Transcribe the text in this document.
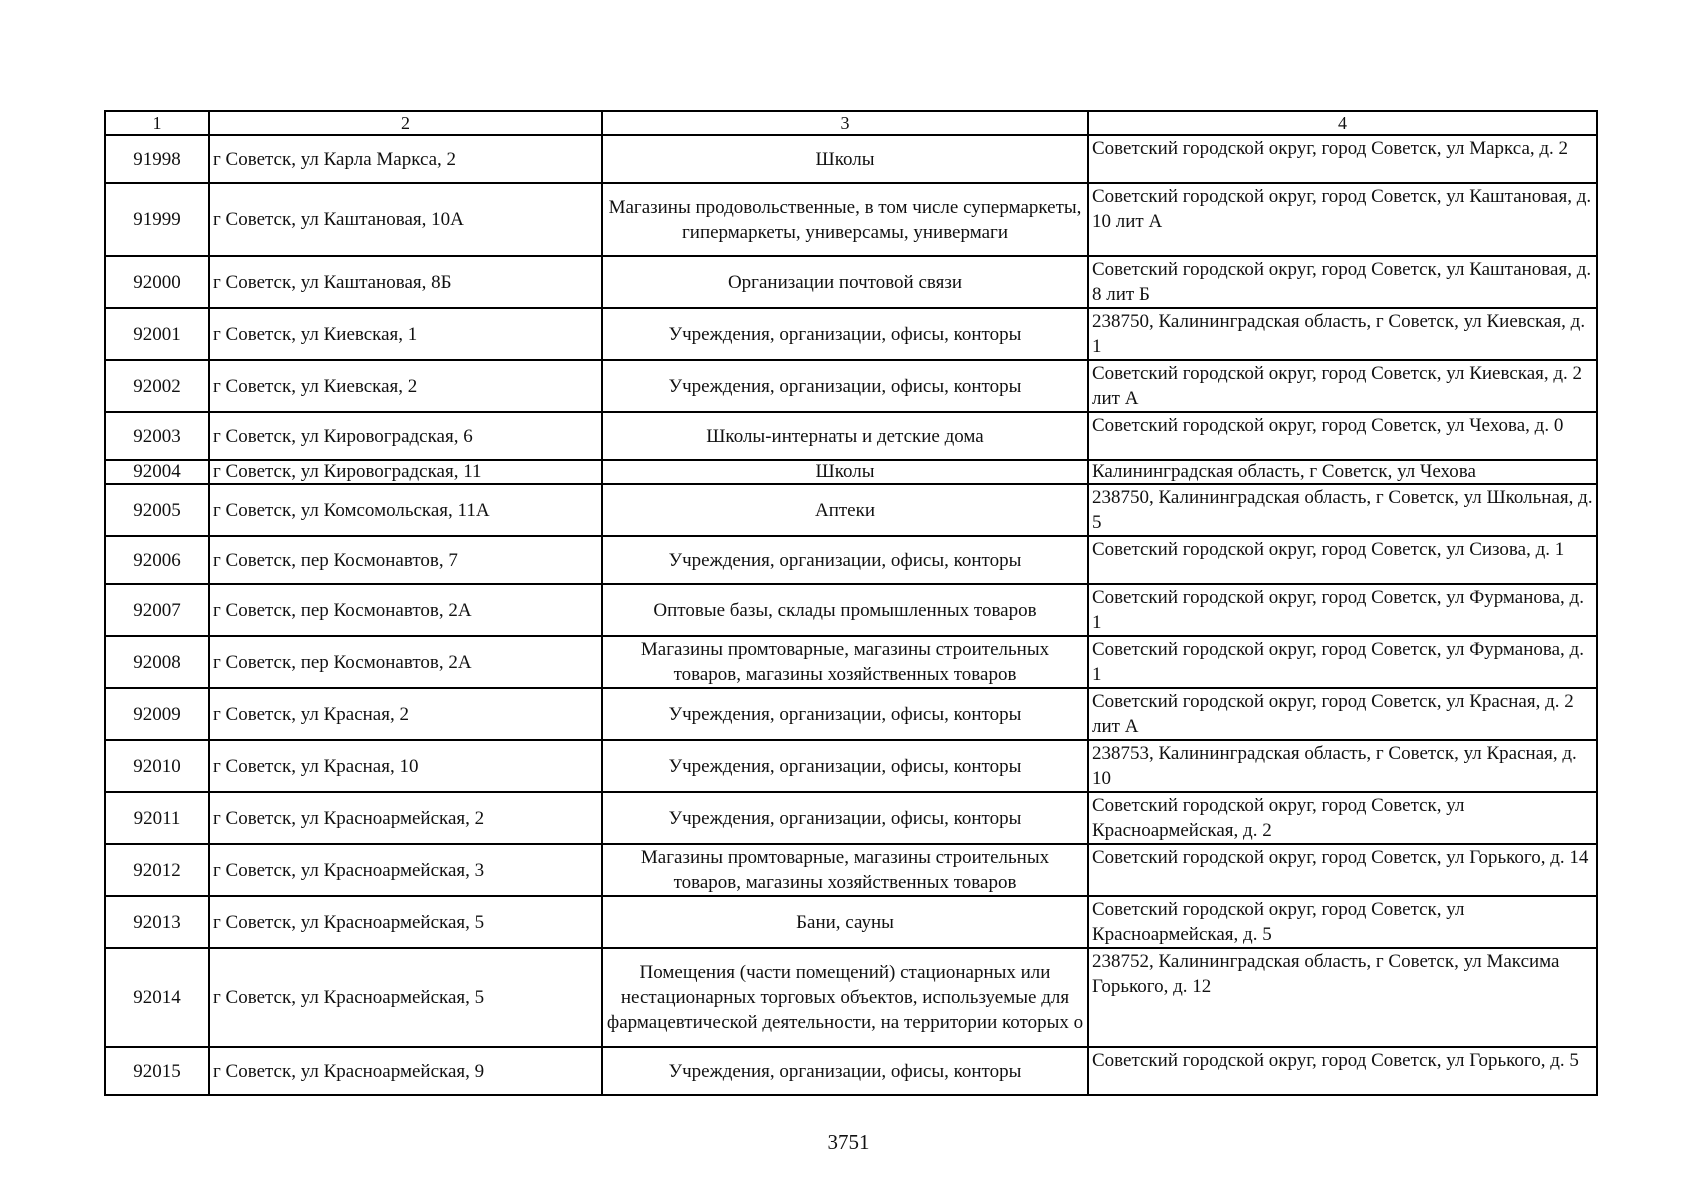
1	2	3	4
91998	г Советск, ул Карла Маркса, 2	Школы	Советский городской округ, город Советск, ул Маркса, д. 2
91999	г Советск, ул Каштановая, 10А	Магазины продовольственные, в том числе супермаркеты, гипермаркеты, универсамы, универмаги	Советский городской округ, город Советск, ул Каштановая, д. 10 лит А
92000	г Советск, ул Каштановая, 8Б	Организации почтовой связи	Советский городской округ, город Советск, ул Каштановая, д. 8 лит Б
92001	г Советск, ул Киевская, 1	Учреждения, организации, офисы, конторы	238750, Калининградская область, г Советск, ул Киевская, д. 1
92002	г Советск, ул Киевская, 2	Учреждения, организации, офисы, конторы	Советский городской округ, город Советск, ул Киевская, д. 2 лит А
92003	г Советск, ул Кировоградская, 6	Школы-интернаты и детские дома	Советский городской округ, город Советск, ул Чехова, д. 0
92004	г Советск, ул Кировоградская, 11	Школы	Калининградская область, г Советск, ул Чехова
92005	г Советск, ул Комсомольская, 11А	Аптеки	238750, Калининградская область, г Советск, ул Школьная, д. 5
92006	г Советск, пер Космонавтов, 7	Учреждения, организации, офисы, конторы	Советский городской округ, город Советск, ул Сизова, д. 1
92007	г Советск, пер Космонавтов, 2А	Оптовые базы, склады промышленных товаров	Советский городской округ, город Советск, ул Фурманова, д. 1
92008	г Советск, пер Космонавтов, 2А	Магазины промтоварные, магазины строительных товаров, магазины хозяйственных товаров	Советский городской округ, город Советск, ул Фурманова, д. 1
92009	г Советск, ул Красная, 2	Учреждения, организации, офисы, конторы	Советский городской округ, город Советск, ул Красная, д. 2 лит А
92010	г Советск, ул Красная, 10	Учреждения, организации, офисы, конторы	238753, Калининградская область, г Советск, ул Красная, д. 10
92011	г Советск, ул Красноармейская, 2	Учреждения, организации, офисы, конторы	Советский городской округ, город Советск, ул Красноармейская, д. 2
92012	г Советск, ул Красноармейская, 3	Магазины промтоварные, магазины строительных товаров, магазины хозяйственных товаров	Советский городской округ, город Советск, ул Горького, д. 14
92013	г Советск, ул Красноармейская, 5	Бани, сауны	Советский городской округ, город Советск, ул Красноармейская, д. 5
92014	г Советск, ул Красноармейская, 5	Помещения (части помещений) стационарных или нестационарных торговых объектов, используемые для фармацевтической деятельности, на территории которых о	238752, Калининградская область, г Советск, ул Максима Горького, д. 12
92015	г Советск, ул Красноармейская, 9	Учреждения, организации, офисы, конторы	Советский городской округ, город Советск, ул Горького, д. 5
3751
